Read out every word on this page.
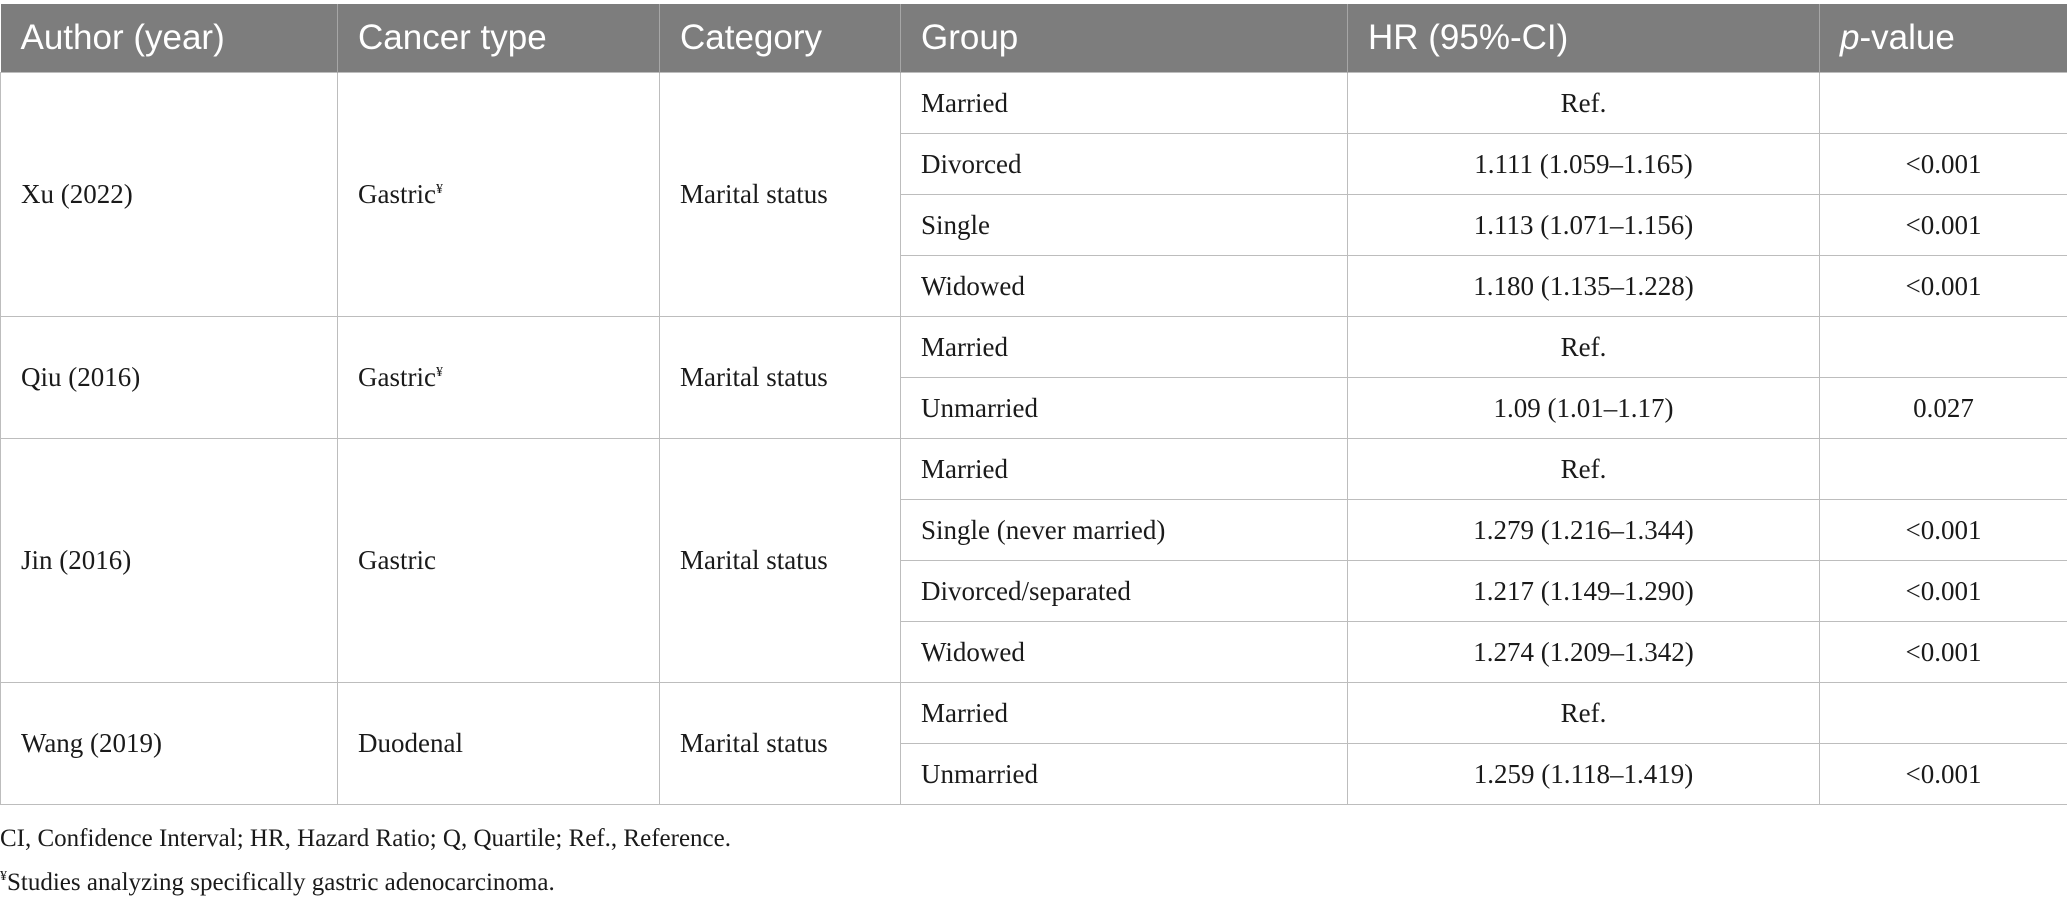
Author (year)	Cancer type	Category	Group	HR (95%-CI)	p-value
Xu (2022)	Gastric¥	Marital status	Married	Ref.	
			Divorced	1.111 (1.059–1.165)	<0.001
			Single	1.113 (1.071–1.156)	<0.001
			Widowed	1.180 (1.135–1.228)	<0.001
Qiu (2016)	Gastric¥	Marital status	Married	Ref.	
			Unmarried	1.09 (1.01–1.17)	0.027
Jin (2016)	Gastric	Marital status	Married	Ref.	
			Single (never married)	1.279 (1.216–1.344)	<0.001
			Divorced/separated	1.217 (1.149–1.290)	<0.001
			Widowed	1.274 (1.209–1.342)	<0.001
Wang (2019)	Duodenal	Marital status	Married	Ref.	
			Unmarried	1.259 (1.118–1.419)	<0.001
CI, Confidence Interval; HR, Hazard Ratio; Q, Quartile; Ref., Reference.
¥Studies analyzing specifically gastric adenocarcinoma.
